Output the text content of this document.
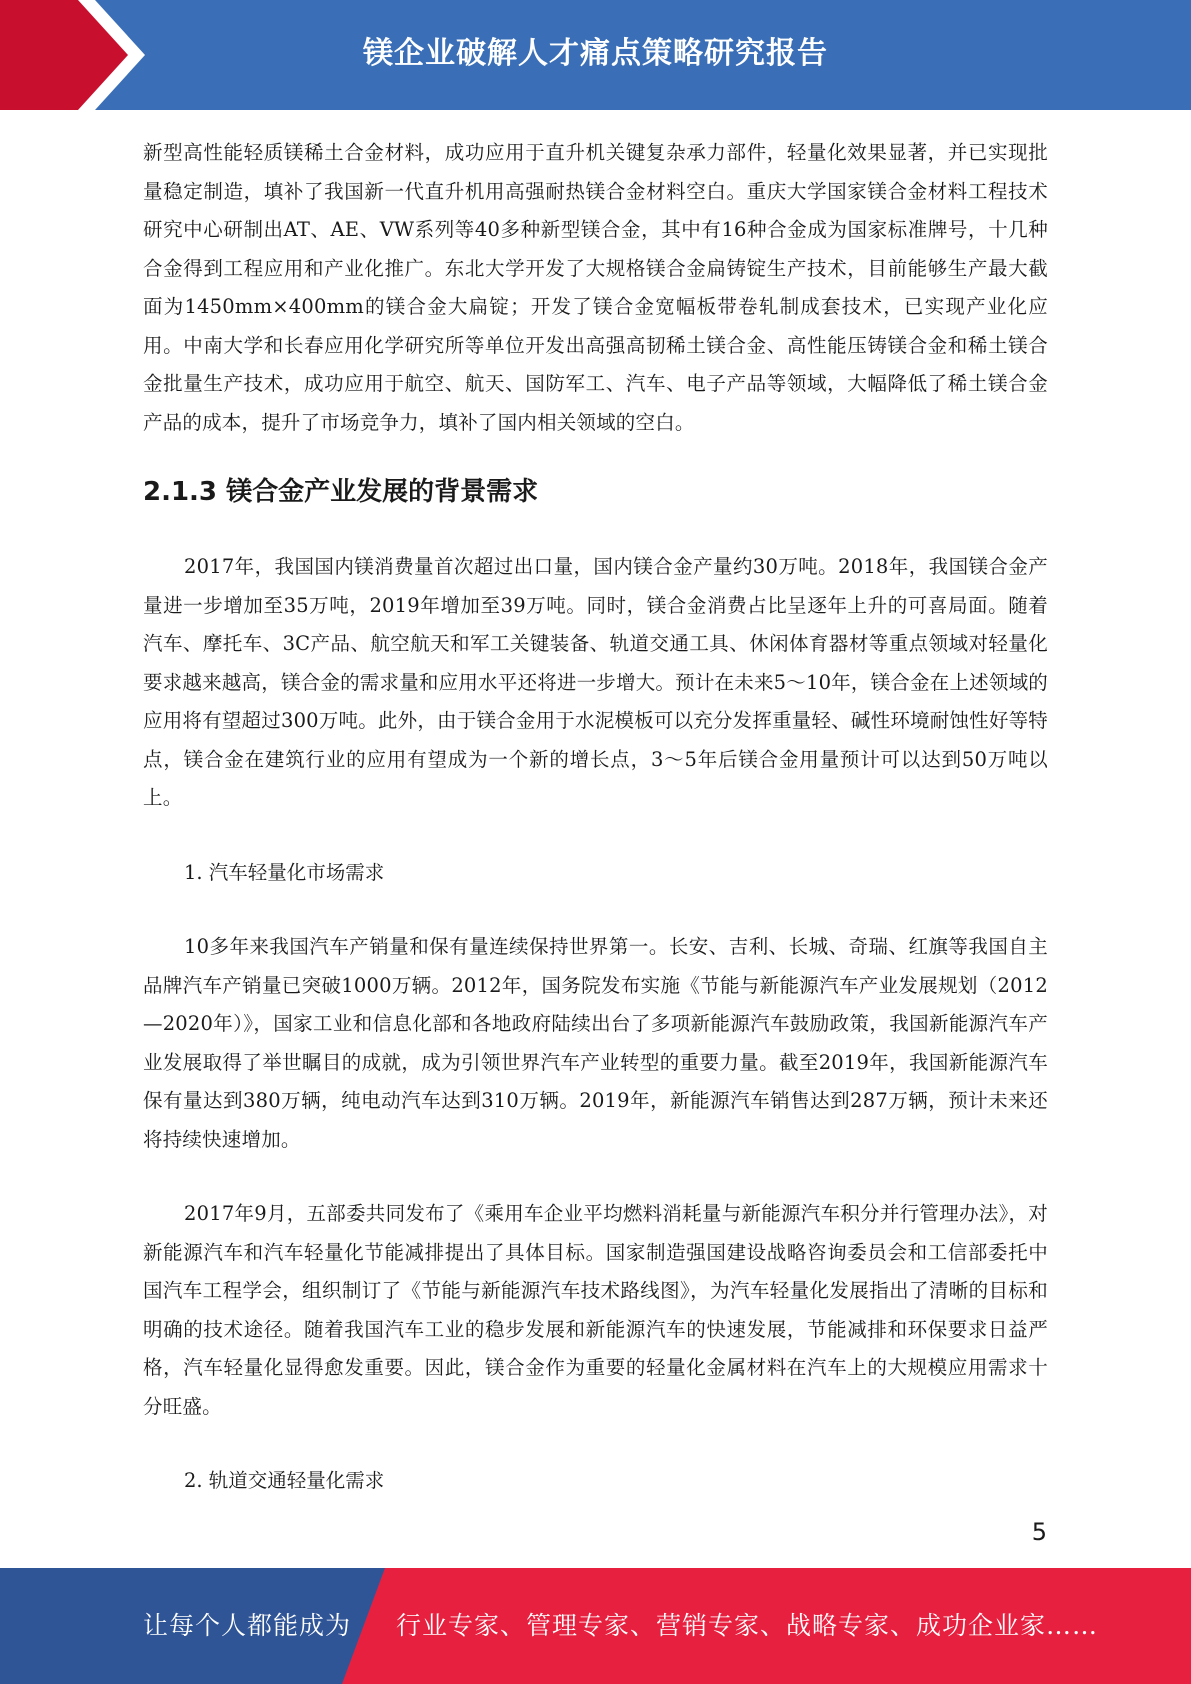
镁企业破解人才痛点策略研究报告

新型高性能轻质镁稀土合金材料，成功应用于直升机关键复杂承力部件，轻量化效果显著，并已实现批量稳定制造，填补了我国新一代直升机用高强耐热镁合金材料空白。重庆大学国家镁合金材料工程技术研究中心研制出AT、AE、VW系列等40多种新型镁合金，其中有16种合金成为国家标准牌号，十几种合金得到工程应用和产业化推广。东北大学开发了大规格镁合金扁铸锭生产技术，目前能够生产最大截面为1450mm×400mm的镁合金大扁锭；开发了镁合金宽幅板带卷轧制成套技术，已实现产业化应用。中南大学和长春应用化学研究所等单位开发出高强高韧稀土镁合金、高性能压铸镁合金和稀土镁合金批量生产技术，成功应用于航空、航天、国防军工、汽车、电子产品等领域，大幅降低了稀土镁合金产品的成本，提升了市场竞争力，填补了国内相关领域的空白。

2.1.3 镁合金产业发展的背景需求

2017年，我国国内镁消费量首次超过出口量，国内镁合金产量约30万吨。2018年，我国镁合金产量进一步增加至35万吨，2019年增加至39万吨。同时，镁合金消费占比呈逐年上升的可喜局面。随着汽车、摩托车、3C产品、航空航天和军工关键装备、轨道交通工具、休闲体育器材等重点领域对轻量化要求越来越高，镁合金的需求量和应用水平还将进一步增大。预计在未来5～10年，镁合金在上述领域的应用将有望超过300万吨。此外，由于镁合金用于水泥模板可以充分发挥重量轻、碱性环境耐蚀性好等特点，镁合金在建筑行业的应用有望成为一个新的增长点，3～5年后镁合金用量预计可以达到50万吨以上。

1. 汽车轻量化市场需求

10多年来我国汽车产销量和保有量连续保持世界第一。长安、吉利、长城、奇瑞、红旗等我国自主品牌汽车产销量已突破1000万辆。2012年，国务院发布实施《节能与新能源汽车产业发展规划（2012—2020年）》，国家工业和信息化部和各地政府陆续出台了多项新能源汽车鼓励政策，我国新能源汽车产业发展取得了举世瞩目的成就，成为引领世界汽车产业转型的重要力量。截至2019年，我国新能源汽车保有量达到380万辆，纯电动汽车达到310万辆。2019年，新能源汽车销售达到287万辆，预计未来还将持续快速增加。

2017年9月，五部委共同发布了《乘用车企业平均燃料消耗量与新能源汽车积分并行管理办法》，对新能源汽车和汽车轻量化节能减排提出了具体目标。国家制造强国建设战略咨询委员会和工信部委托中国汽车工程学会，组织制订了《节能与新能源汽车技术路线图》，为汽车轻量化发展指出了清晰的目标和明确的技术途径。随着我国汽车工业的稳步发展和新能源汽车的快速发展，节能减排和环保要求日益严格，汽车轻量化显得愈发重要。因此，镁合金作为重要的轻量化金属材料在汽车上的大规模应用需求十分旺盛。

2. 轨道交通轻量化需求

5
让每个人都能成为 行业专家、管理专家、营销专家、战略专家、成功企业家……
